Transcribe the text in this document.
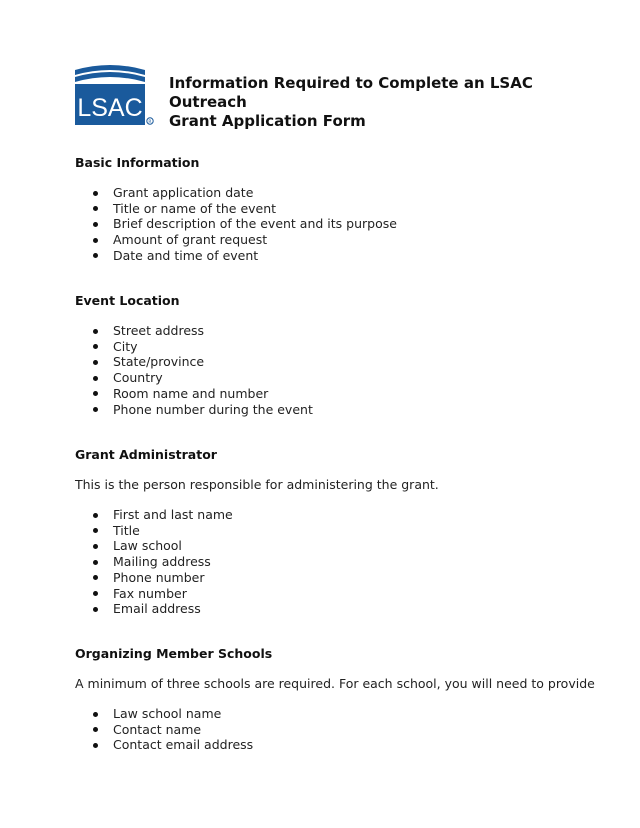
LSAC
R
Information Required to Complete an LSAC Outreach
Grant Application Form
Basic Information
Grant application date
Title or name of the event
Brief description of the event and its purpose
Amount of grant request
Date and time of event
Event Location
Street address
City
State/province
Country
Room name and number
Phone number during the event
Grant Administrator

This is the person responsible for administering the grant.

First and last name
Title
Law school
Mailing address
Phone number
Fax number
Email address
Organizing Member Schools

A minimum of three schools are required. For each school, you will need to provide

Law school name
Contact name
Contact email address
